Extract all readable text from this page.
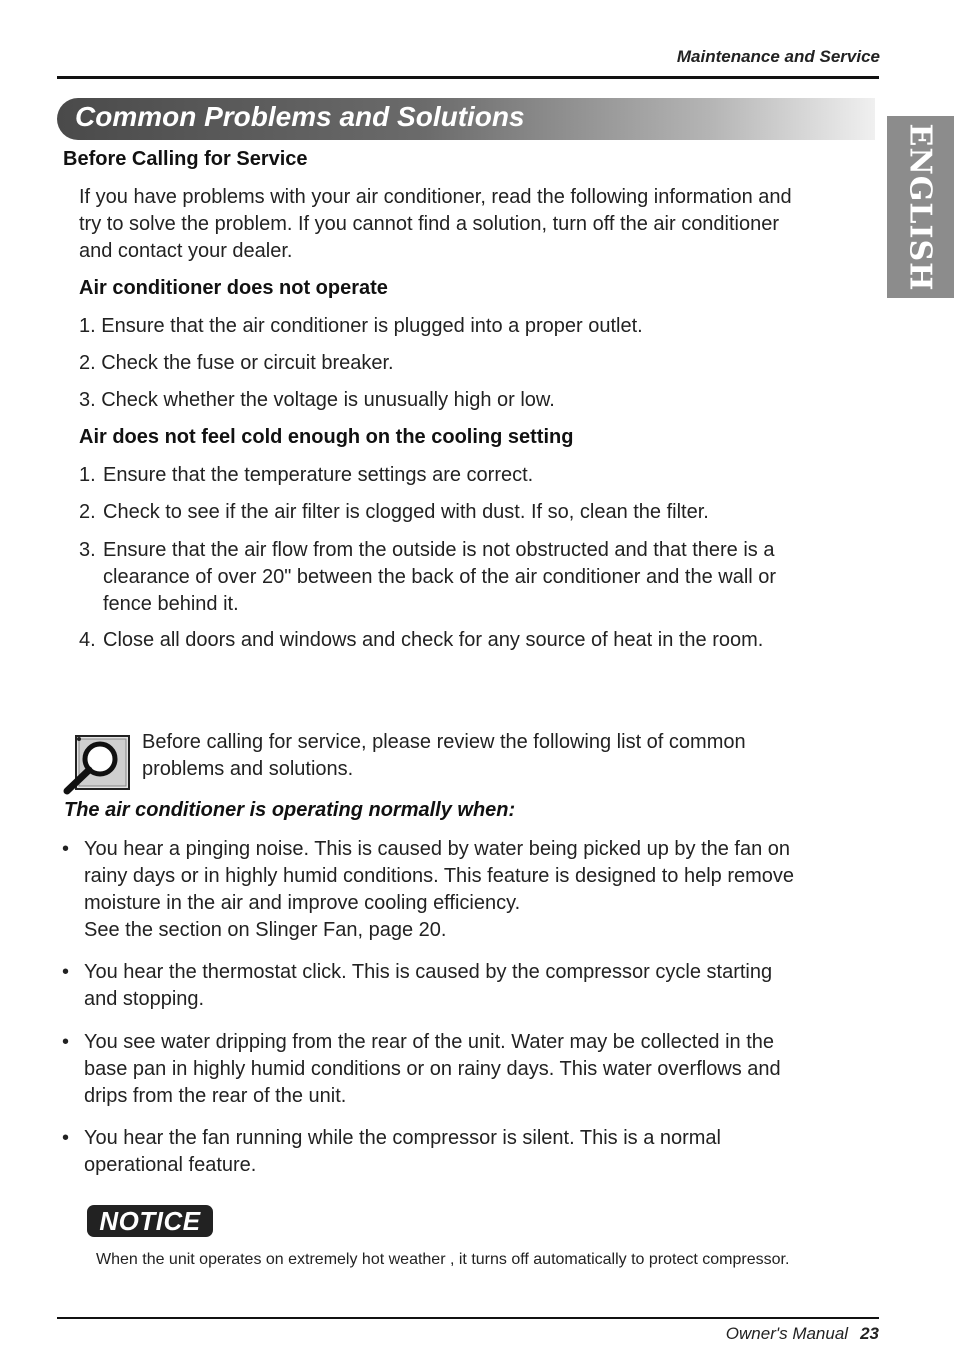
Maintenance and Service
Common Problems and Solutions
ENGLISH
Before Calling for Service
If you have problems with your air conditioner, read the following information and
try to solve the problem. If you cannot find a solution, turn off the air conditioner
and contact your dealer.
Air conditioner does not operate
1. Ensure that the air conditioner is plugged into a proper outlet.
2. Check the fuse or circuit breaker.
3. Check whether the voltage is unusually high or low.
Air does not feel cold enough on the cooling setting
1. Ensure that the temperature settings are correct.
2. Check to see if the air filter is clogged with dust. If so, clean the filter.
3. Ensure that the air flow from the outside is not obstructed and that there is a
clearance of over 20" between the back of the air conditioner and the wall or
fence behind it.
4. Close all doors and windows and check for any source of heat in the room.
Before calling for service, please review the following list of common
problems and solutions.
The air conditioner is operating normally when:
• You hear a pinging noise. This is caused by water being picked up by the fan on
rainy days or in highly humid conditions. This feature is designed to help remove
moisture in the air and improve cooling efficiency.
See the section on Slinger Fan, page 20.
• You hear the thermostat click. This is caused by the compressor cycle starting
and stopping.
• You see water dripping from the rear of the unit. Water may be collected in the
base pan in highly humid conditions or on rainy days. This water overflows and
drips from the rear of the unit.
• You hear the fan running while the compressor is silent. This is a normal
operational feature.
NOTICE
When the unit operates on extremely hot weather , it turns off automatically to protect compressor.
Owner's Manual 23
